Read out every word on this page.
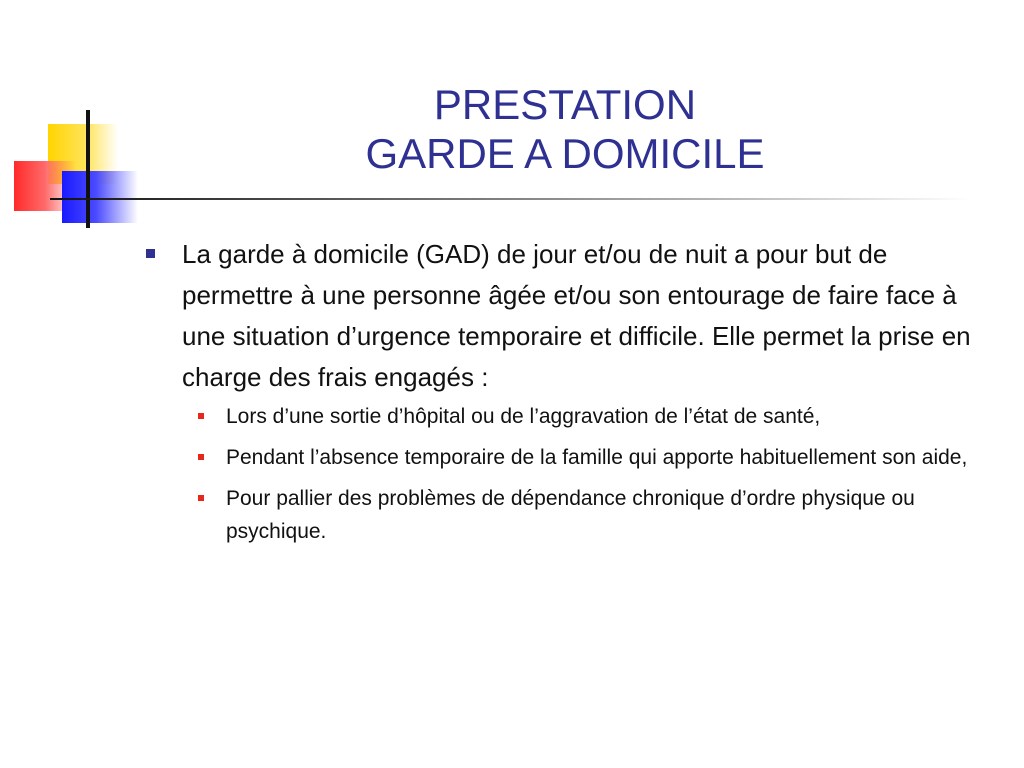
PRESTATION
GARDE A DOMICILE
La garde à domicile (GAD) de jour et/ou de nuit a pour but de permettre à une personne âgée et/ou son entourage de faire face à une situation d’urgence temporaire et difficile. Elle permet la prise en charge des frais engagés :
Lors d’une sortie d’hôpital ou de l’aggravation de l’état de santé,
Pendant l’absence temporaire de la famille qui apporte habituellement son aide,
Pour pallier des problèmes de dépendance chronique d’ordre physique ou psychique.
